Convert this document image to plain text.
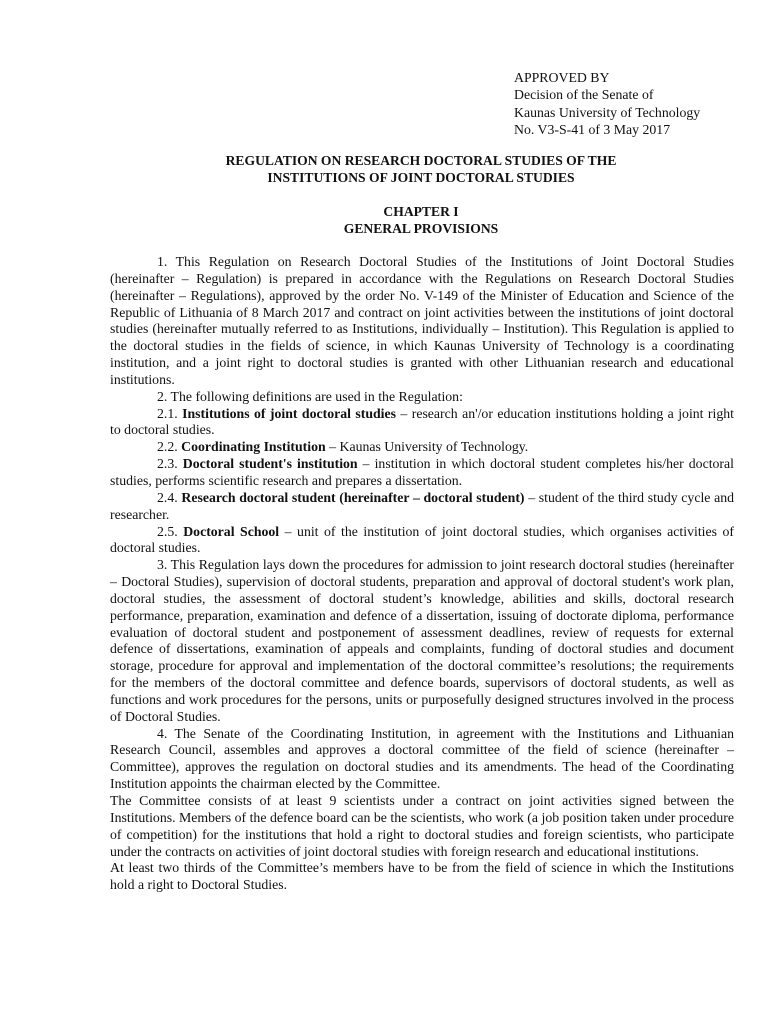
APPROVED BY
Decision of the Senate of
Kaunas University of Technology
No. V3-S-41 of 3 May 2017
REGULATION ON RESEARCH DOCTORAL STUDIES OF THE
INSTITUTIONS OF JOINT DOCTORAL STUDIES
CHAPTER I
GENERAL PROVISIONS

1. This Regulation on Research Doctoral Studies of the Institutions of Joint Doctoral Studies (hereinafter – Regulation) is prepared in accordance with the Regulations on Research Doctoral Studies (hereinafter – Regulations), approved by the order No. V-149 of the Minister of Education and Science of the Republic of Lithuania of 8 March 2017 and contract on joint activities between the institutions of joint doctoral studies (hereinafter mutually referred to as Institutions, individually – Institution). This Regulation is applied to the doctoral studies in the fields of science, in which Kaunas University of Technology is a coordinating institution, and a joint right to doctoral studies is granted with other Lithuanian research and educational institutions.

2. The following definitions are used in the Regulation:

2.1. Institutions of joint doctoral studies – research an'/or education institutions holding a joint right to doctoral studies.

2.2. Coordinating Institution – Kaunas University of Technology.

2.3. Doctoral student's institution – institution in which doctoral student completes his/her doctoral studies, performs scientific research and prepares a dissertation.

2.4. Research doctoral student (hereinafter – doctoral student) – student of the third study cycle and researcher.

2.5. Doctoral School – unit of the institution of joint doctoral studies, which organises activities of doctoral studies.

3. This Regulation lays down the procedures for admission to joint research doctoral studies (hereinafter – Doctoral Studies), supervision of doctoral students, preparation and approval of doctoral student's work plan, doctoral studies, the assessment of doctoral student’s knowledge, abilities and skills, doctoral research performance, preparation, examination and defence of a dissertation, issuing of doctorate diploma, performance evaluation of doctoral student and postponement of assessment deadlines, review of requests for external defence of dissertations, examination of appeals and complaints, funding of doctoral studies and document storage, procedure for approval and implementation of the doctoral committee’s resolutions; the requirements for the members of the doctoral committee and defence boards, supervisors of doctoral students, as well as functions and work procedures for the persons, units or purposefully designed structures involved in the process of Doctoral Studies.

4. The Senate of the Coordinating Institution, in agreement with the Institutions and Lithuanian Research Council, assembles and approves a doctoral committee of the field of science (hereinafter – Committee), approves the regulation on doctoral studies and its amendments. The head of the Coordinating Institution appoints the chairman elected by the Committee.

The Committee consists of at least 9 scientists under a contract on joint activities signed between the Institutions. Members of the defence board can be the scientists, who work (a job position taken under procedure of competition) for the institutions that hold a right to doctoral studies and foreign scientists, who participate under the contracts on activities of joint doctoral studies with foreign research and educational institutions.

At least two thirds of the Committee’s members have to be from the field of science in which the Institutions hold a right to Doctoral Studies.
